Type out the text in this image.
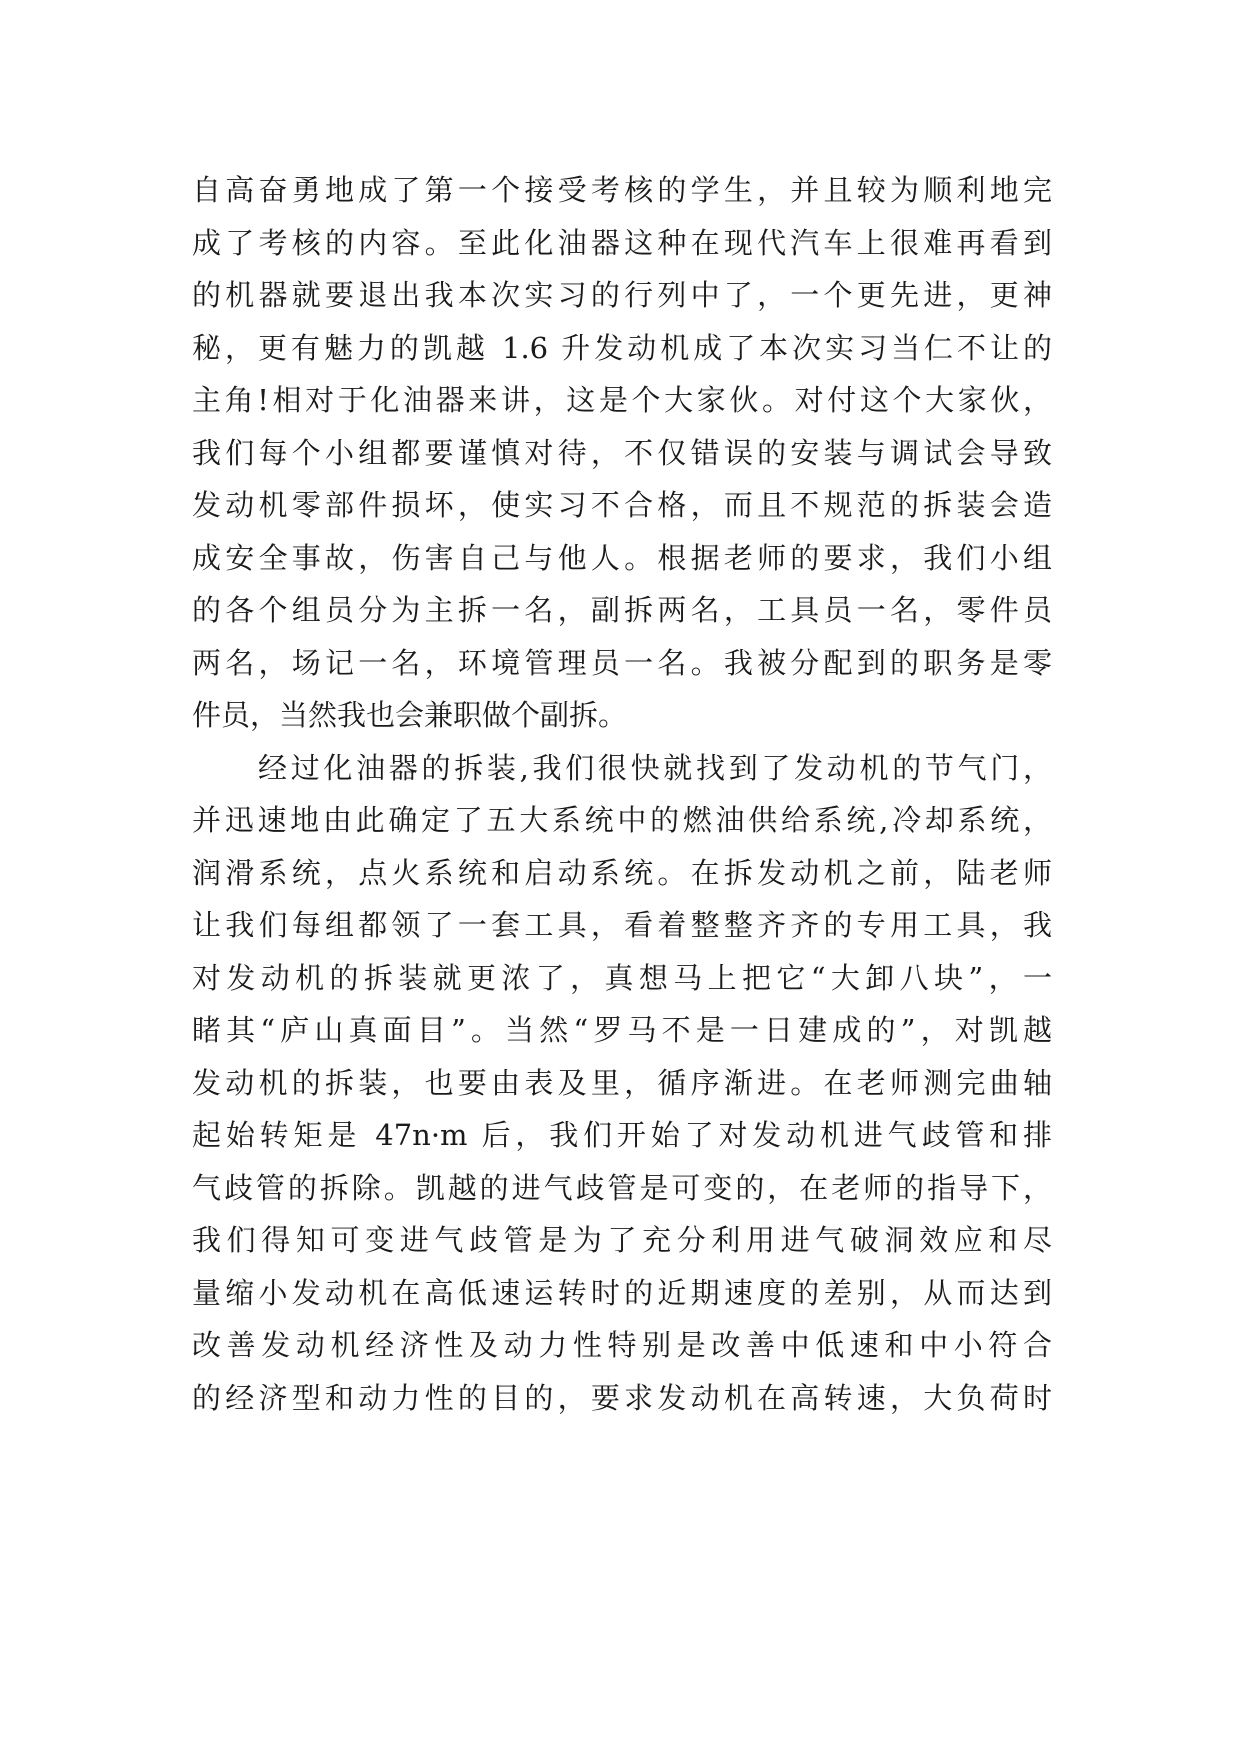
自高奋勇地成了第一个接受考核的学生，并且较为顺利地完
成了考核的内容。至此化油器这种在现代汽车上很难再看到
的机器就要退出我本次实习的行列中了，一个更先进，更神
秘，更有魅力的凯越 1.6 升发动机成了本次实习当仁不让的
主角!相对于化油器来讲，这是个大家伙。对付这个大家伙，
我们每个小组都要谨慎对待，不仅错误的安装与调试会导致
发动机零部件损坏，使实习不合格，而且不规范的拆装会造
成安全事故，伤害自己与他人。根据老师的要求，我们小组
的各个组员分为主拆一名，副拆两名，工具员一名，零件员
两名，场记一名，环境管理员一名。我被分配到的职务是零
件员，当然我也会兼职做个副拆。
经过化油器的拆装,我们很快就找到了发动机的节气门，
并迅速地由此确定了五大系统中的燃油供给系统,冷却系统，
润滑系统，点火系统和启动系统。在拆发动机之前，陆老师
让我们每组都领了一套工具，看着整整齐齐的专用工具，我
对发动机的拆装就更浓了，真想马上把它“大卸八块”，一
睹其“庐山真面目”。当然“罗马不是一日建成的”，对凯越
发动机的拆装，也要由表及里，循序渐进。在老师测完曲轴
起始转矩是 47n·m 后，我们开始了对发动机进气歧管和排
气歧管的拆除。凯越的进气歧管是可变的，在老师的指导下，
我们得知可变进气歧管是为了充分利用进气破洞效应和尽
量缩小发动机在高低速运转时的近期速度的差别，从而达到
改善发动机经济性及动力性特别是改善中低速和中小符合
的经济型和动力性的目的，要求发动机在高转速，大负荷时
